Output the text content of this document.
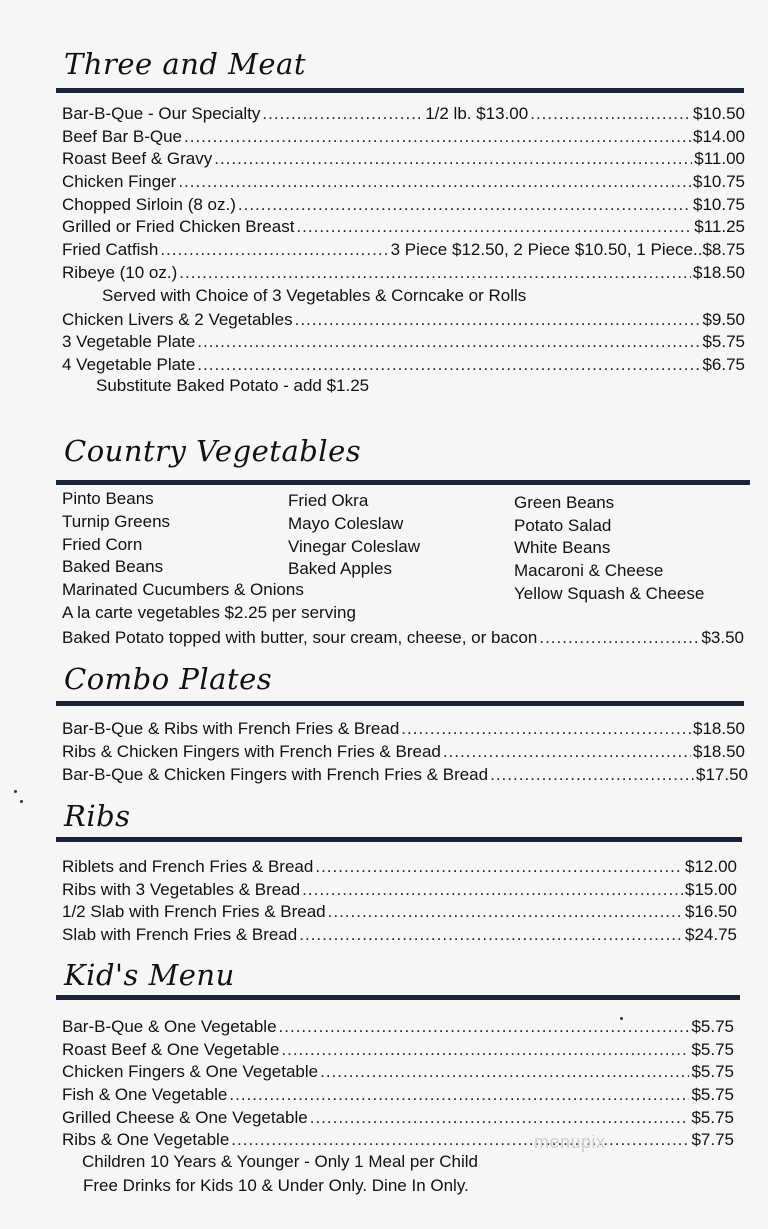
Three and Meat
Bar-B-Que - Our Specialty .....	1/2 lb. $13.00 .....	$10.50
Beef Bar B-Que .....	$14.00
Roast Beef & Gravy .....	$11.00
Chicken Finger .....	$10.75
Chopped Sirloin (8 oz.) .....	$10.75
Grilled or Fried Chicken Breast .....	$11.25
Fried Catfish .....	3 Piece $12.50, 2 Piece $10.50, 1 Piece.. $8.75
Ribeye (10 oz.) .....	$18.50
Served with Choice of 3 Vegetables & Corncake or Rolls
Chicken Livers & 2 Vegetables .....	$9.50
3 Vegetable Plate .....	$5.75
4 Vegetable Plate .....	$6.75
Substitute Baked Potato - add $1.25
Country Vegetables
Pinto Beans
Turnip Greens
Fried Corn
Baked Beans
Fried Okra
Mayo Coleslaw
Vinegar Coleslaw
Baked Apples
Green Beans
Potato Salad
White Beans
Macaroni & Cheese
Yellow Squash & Cheese
Marinated Cucumbers & Onions
A la carte vegetables $2.25 per serving
Baked Potato topped with butter, sour cream, cheese, or bacon .....	$3.50
Combo Plates
Bar-B-Que & Ribs with French Fries & Bread .....	$18.50
Ribs & Chicken Fingers with French Fries & Bread .....	$18.50
Bar-B-Que & Chicken Fingers with French Fries & Bread .....	$17.50
Ribs
Riblets and French Fries & Bread .....	$12.00
Ribs with 3 Vegetables & Bread .....	$15.00
1/2 Slab with French Fries & Bread .....	$16.50
Slab with French Fries & Bread .....	$24.75
Kid's Menu
Bar-B-Que & One Vegetable .....	$5.75
Roast Beef & One Vegetable .....	$5.75
Chicken Fingers & One Vegetable .....	$5.75
Fish & One Vegetable .....	$5.75
Grilled Cheese & One Vegetable .....	$5.75
Ribs & One Vegetable .....	$7.75
Children 10 Years & Younger - Only 1 Meal per Child
Free Drinks for Kids 10 & Under Only. Dine In Only.
menupix
